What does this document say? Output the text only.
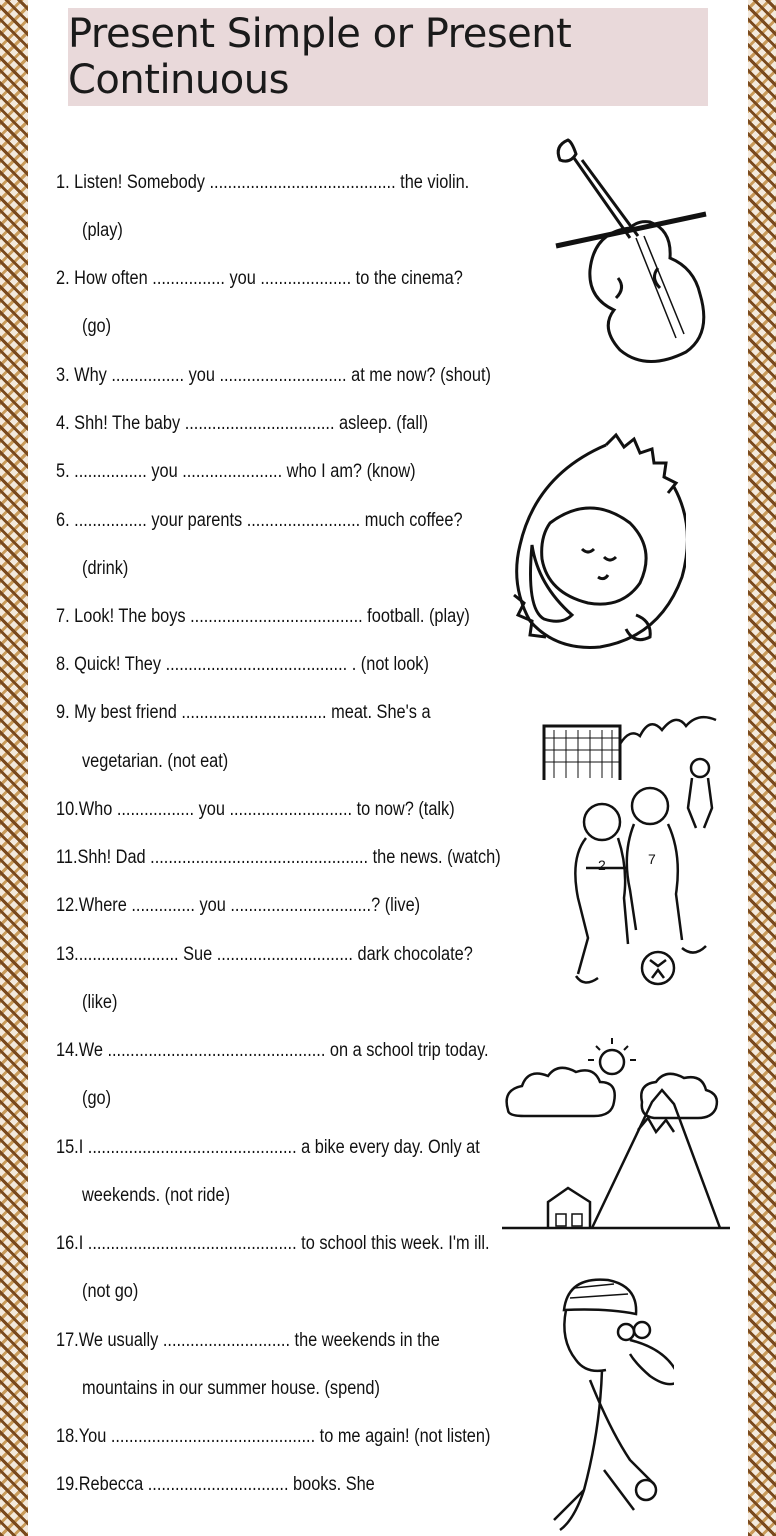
Present Simple or Present Continuous
1. Listen! Somebody ......................................... the violin.
(play)
2. How often ................ you .................... to the cinema?
(go)
3. Why ................ you ............................ at me now? (shout)
4. Shh! The baby ................................. asleep. (fall)
5. ................ you ...................... who I am? (know)
6. ................ your parents ......................... much coffee?
(drink)
7. Look! The boys ...................................... football. (play)
8. Quick! They ........................................ . (not look)
9. My best friend ................................ meat. She's a
vegetarian. (not eat)
10.Who ................. you ........................... to now? (talk)
11.Shh! Dad ................................................ the news. (watch)
12.Where .............. you ...............................? (live)
13....................... Sue .............................. dark chocolate?
(like)
14.We ................................................ on a school trip today.
(go)
15.I .............................................. a bike every day. Only at
weekends. (not ride)
16.I .............................................. to school this week. I'm ill.
(not go)
17.We usually ............................ the weekends in the
mountains in our summer house. (spend)
18.You ............................................. to me again! (not listen)
19.Rebecca ............................... books. She
2	7
